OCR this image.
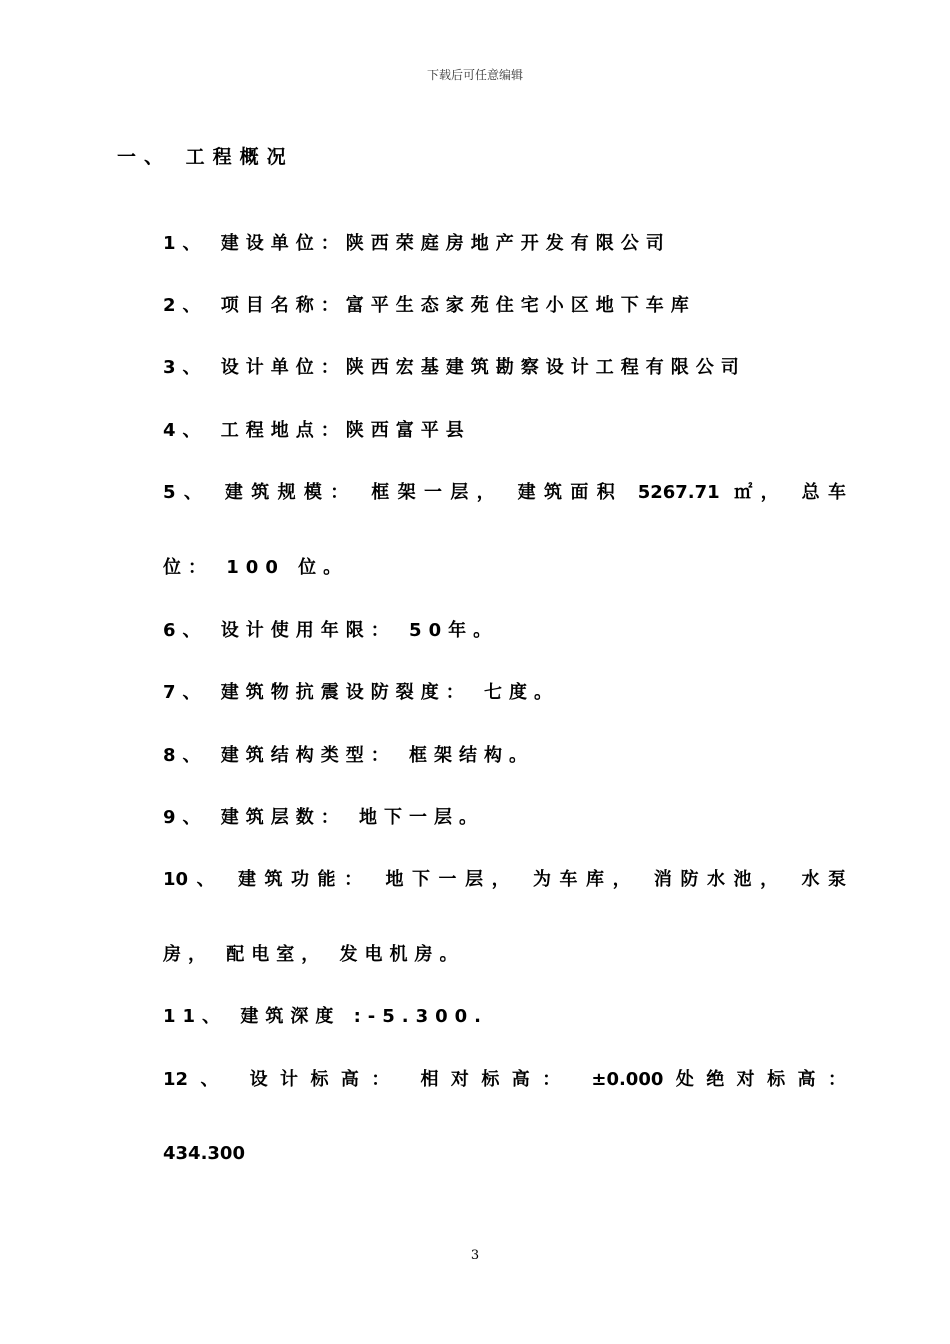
下载后可任意编辑
一、 工程概况
1、 建设单位：陕西荣庭房地产开发有限公司
2、 项目名称：富平生态家苑住宅小区地下车库
3、 设计单位：陕西宏基建筑勘察设计工程有限公司
4、 工程地点：陕西富平县
5、 建筑规模： 框架一层， 建筑面积 5267.71 ㎡， 总车
位： 100 位。
6、 设计使用年限： 50年。
7、 建筑物抗震设防裂度： 七度。
8、 建筑结构类型： 框架结构。
9、 建筑层数： 地下一层。
10、 建筑功能： 地下一层， 为车库， 消防水池， 水泵
房， 配电室， 发电机房。
11、 建筑深度 :-5.300.
12、 设计标高： 相对标高： ±0.000处绝对标高：
434.300
3
